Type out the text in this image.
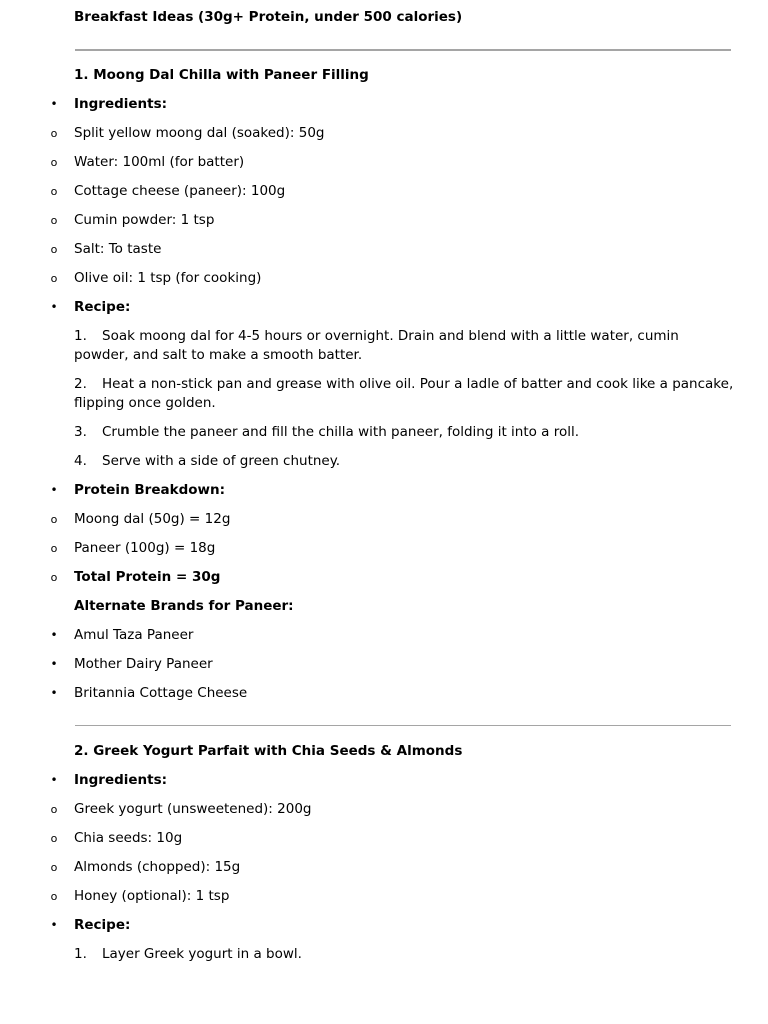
Breakfast Ideas (30g+ Protein, under 500 calories)
1. Moong Dal Chilla with Paneer Filling
• Ingredients:
o Split yellow moong dal (soaked): 50g
o Water: 100ml (for batter)
o Cottage cheese (paneer): 100g
o Cumin powder: 1 tsp
o Salt: To taste
o Olive oil: 1 tsp (for cooking)
• Recipe:
1. Soak moong dal for 4-5 hours or overnight. Drain and blend with a little water, cumin powder, and salt to make a smooth batter.
2. Heat a non-stick pan and grease with olive oil. Pour a ladle of batter and cook like a pancake, flipping once golden.
3. Crumble the paneer and fill the chilla with paneer, folding it into a roll.
4. Serve with a side of green chutney.
• Protein Breakdown:
o Moong dal (50g) = 12g
o Paneer (100g) = 18g
o Total Protein = 30g
Alternate Brands for Paneer:
• Amul Taza Paneer
• Mother Dairy Paneer
• Britannia Cottage Cheese
2. Greek Yogurt Parfait with Chia Seeds & Almonds
• Ingredients:
o Greek yogurt (unsweetened): 200g
o Chia seeds: 10g
o Almonds (chopped): 15g
o Honey (optional): 1 tsp
• Recipe:
1. Layer Greek yogurt in a bowl.
